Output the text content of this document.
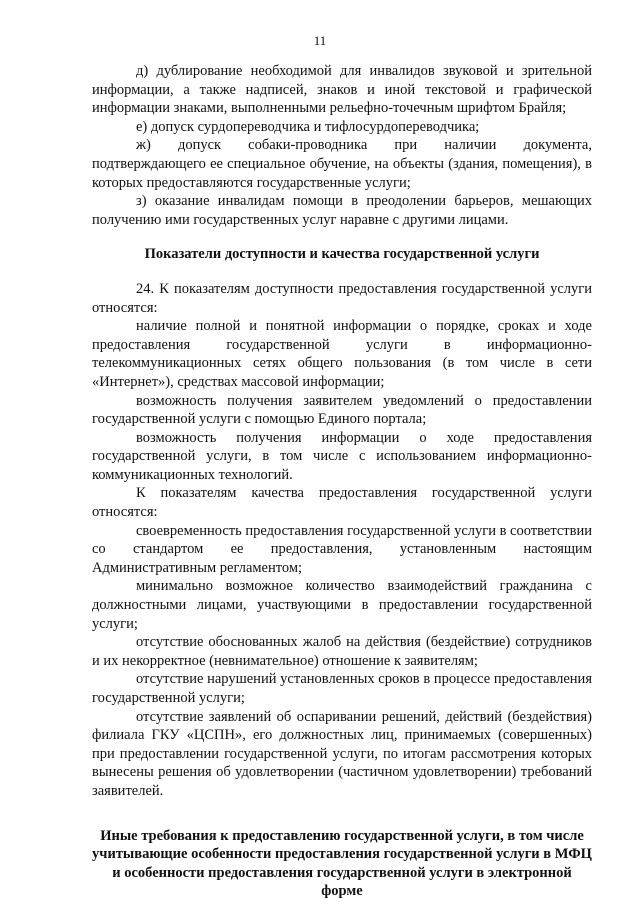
11

д) дублирование необходимой для инвалидов звуковой и зрительной информации, а также надписей, знаков и иной текстовой и графической информации знаками, выполненными рельефно-точечным шрифтом Брайля;

е) допуск сурдопереводчика и тифлосурдопереводчика;

ж) допуск собаки-проводника при наличии документа, подтверждающего ее специальное обучение, на объекты (здания, помещения), в которых предоставляются государственные услуги;

з) оказание инвалидам помощи в преодолении барьеров, мешающих получению ими государственных услуг наравне с другими лицами.

Показатели доступности и качества государственной услуги

24. К показателям доступности предоставления государственной услуги относятся:

наличие полной и понятной информации о порядке, сроках и ходе предоставления государственной услуги в информационно-телекоммуникационных сетях общего пользования (в том числе в сети «Интернет»), средствах массовой информации;

возможность получения заявителем уведомлений о предоставлении государственной услуги с помощью Единого портала;

возможность получения информации о ходе предоставления государственной услуги, в том числе с использованием информационно-коммуникационных технологий.

К показателям качества предоставления государственной услуги относятся:

своевременность предоставления государственной услуги в соответствии со стандартом ее предоставления, установленным настоящим Административным регламентом;

минимально возможное количество взаимодействий гражданина с должностными лицами, участвующими в предоставлении государственной услуги;

отсутствие обоснованных жалоб на действия (бездействие) сотрудников и их некорректное (невнимательное) отношение к заявителям;

отсутствие нарушений установленных сроков в процессе предоставления государственной услуги;

отсутствие заявлений об оспаривании решений, действий (бездействия) филиала ГКУ «ЦСПН», его должностных лиц, принимаемых (совершенных) при предоставлении государственной услуги, по итогам рассмотрения которых вынесены решения об удовлетворении (частичном удовлетворении) требований заявителей.

Иные требования к предоставлению государственной услуги, в том числе учитывающие особенности предоставления государственной услуги в МФЦ и особенности предоставления государственной услуги в электронной форме
